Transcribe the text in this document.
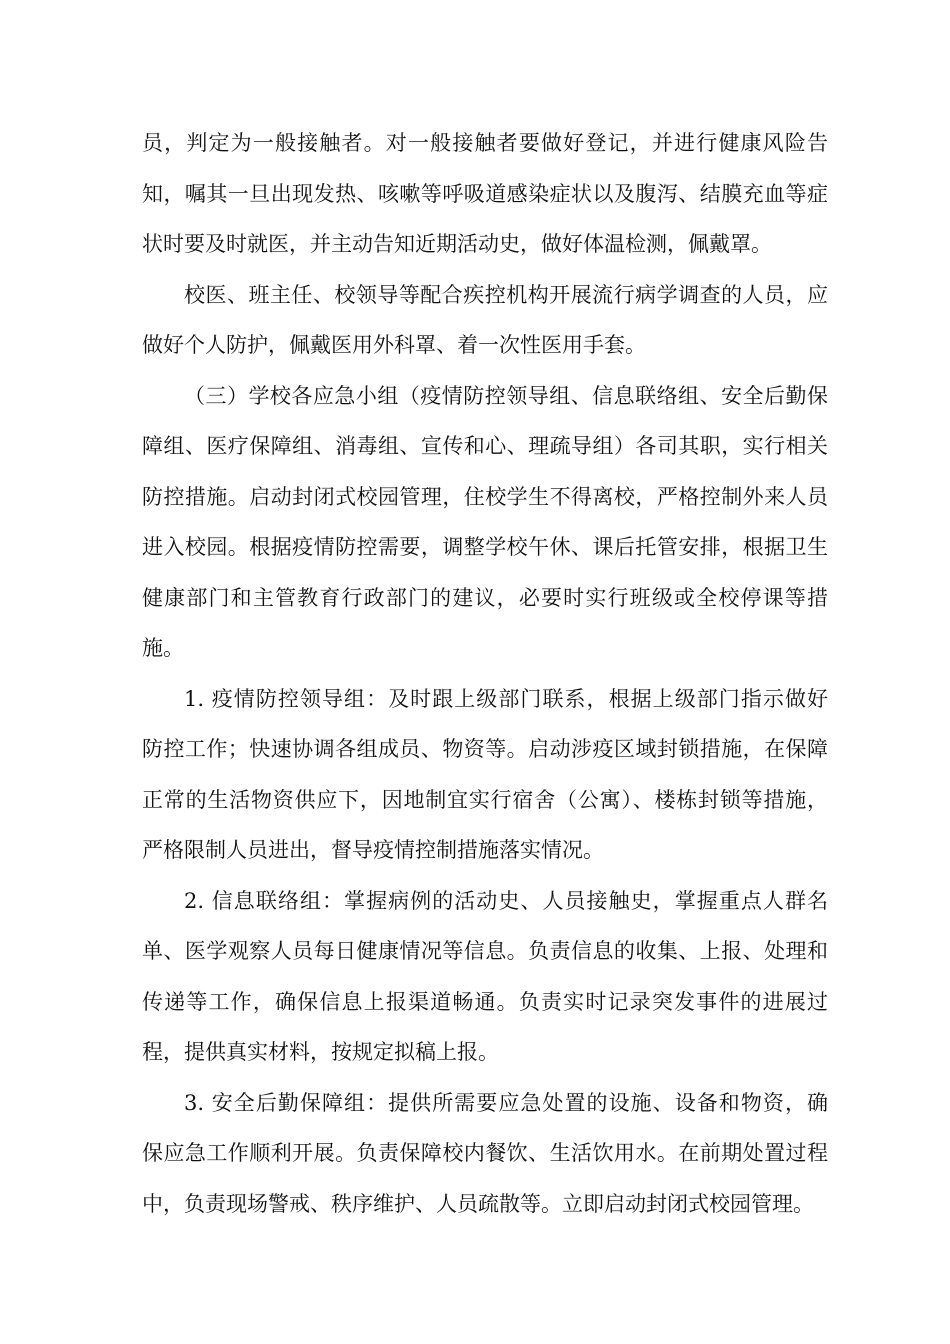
员，判定为一般接触者。对一般接触者要做好登记，并进行健康风险告
知，嘱其一旦出现发热、咳嗽等呼吸道感染症状以及腹泻、结膜充血等症
状时要及时就医，并主动告知近期活动史，做好体温检测，佩戴罩。
校医、班主任、校领导等配合疾控机构开展流行病学调查的人员，应
做好个人防护，佩戴医用外科罩、着一次性医用手套。
（三）学校各应急小组（疫情防控领导组、信息联络组、安全后勤保
障组、医疗保障组、消毒组、宣传和心、理疏导组）各司其职，实行相关
防控措施。启动封闭式校园管理，住校学生不得离校，严格控制外来人员
进入校园。根据疫情防控需要，调整学校午休、课后托管安排，根据卫生
健康部门和主管教育行政部门的建议，必要时实行班级或全校停课等措
施。
1. 疫情防控领导组：及时跟上级部门联系，根据上级部门指示做好
防控工作；快速协调各组成员、物资等。启动涉疫区域封锁措施，在保障
正常的生活物资供应下，因地制宜实行宿舍（公寓）、楼栋封锁等措施，
严格限制人员进出，督导疫情控制措施落实情况。
2. 信息联络组：掌握病例的活动史、人员接触史，掌握重点人群名
单、医学观察人员每日健康情况等信息。负责信息的收集、上报、处理和
传递等工作，确保信息上报渠道畅通。负责实时记录突发事件的进展过
程，提供真实材料，按规定拟稿上报。
3. 安全后勤保障组：提供所需要应急处置的设施、设备和物资，确
保应急工作顺利开展。负责保障校内餐饮、生活饮用水。在前期处置过程
中，负责现场警戒、秩序维护、人员疏散等。立即启动封闭式校园管理。
